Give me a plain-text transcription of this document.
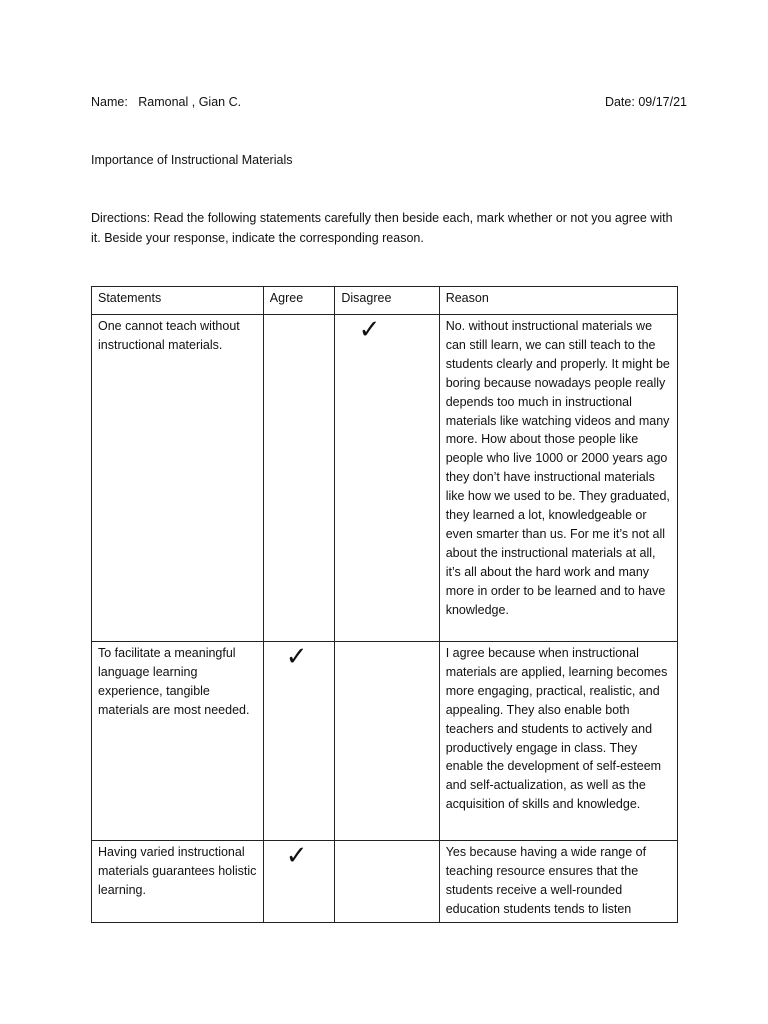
Name: Ramonal , Gian C.	Date: 09/17/21
Importance of Instructional Materials
Directions: Read the following statements carefully then beside each, mark whether or not you agree with it. Beside your response, indicate the corresponding reason.
Statements	Agree	Disagree	Reason
One cannot teach without instructional materials.		✓	No. without instructional materials we can still learn, we can still teach to the students clearly and properly. It might be boring because nowadays people really depends too much in instructional materials like watching videos and many more. How about those people like people who live 1000 or 2000 years ago they don’t have instructional materials like how we used to be. They graduated, they learned a lot, knowledgeable or even smarter than us. For me it’s not all about the instructional materials at all, it’s all about the hard work and many more in order to be learned and to have knowledge.
To facilitate a meaningful language learning experience, tangible materials are most needed.	✓		I agree because when instructional materials are applied, learning becomes more engaging, practical, realistic, and appealing. They also enable both teachers and students to actively and productively engage in class. They enable the development of self-esteem and self-actualization, as well as the acquisition of skills and knowledge.
Having varied instructional materials guarantees holistic learning.	✓		Yes because having a wide range of teaching resource ensures that the students receive a well-rounded education students tends to listen
